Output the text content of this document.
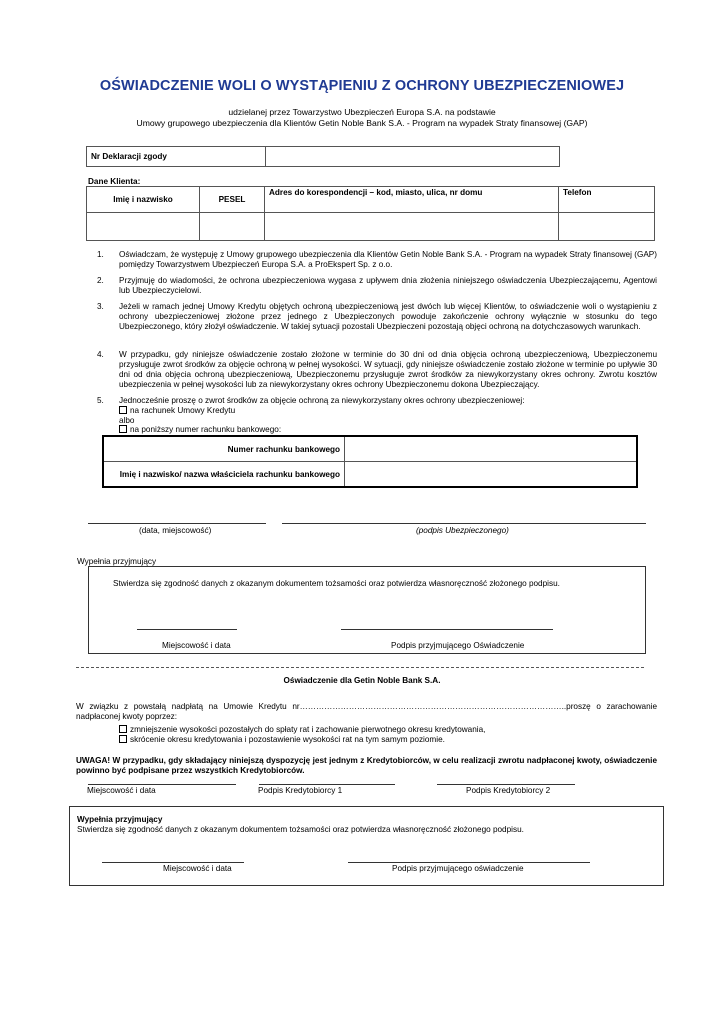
OŚWIADCZENIE WOLI O WYSTĄPIENIU Z OCHRONY UBEZPIECZENIOWEJ
udzielanej przez Towarzystwo Ubezpieczeń Europa S.A. na podstawie
Umowy grupowego ubezpieczenia dla Klientów Getin Noble Bank S.A. - Program na wypadek Straty finansowej (GAP)
Nr Deklaracji zgody	
Dane Klienta:
Imię i nazwisko	PESEL	Adres do korespondencji – kod, miasto, ulica, nr domu	Telefon

1. Oświadczam, że występuję z Umowy grupowego ubezpieczenia dla Klientów Getin Noble Bank S.A. - Program na wypadek Straty finansowej (GAP) pomiędzy Towarzystwem Ubezpieczeń Europa S.A. a ProEkspert Sp. z o.o.
2. Przyjmuję do wiadomości, że ochrona ubezpieczeniowa wygasa z upływem dnia złożenia niniejszego oświadczenia Ubezpieczającemu, Agentowi lub Ubezpieczycielowi.
3. Jeżeli w ramach jednej Umowy Kredytu objętych ochroną ubezpieczeniową jest dwóch lub więcej Klientów, to oświadczenie woli o wystąpieniu z ochrony ubezpieczeniowej złożone przez jednego z Ubezpieczonych powoduje zakończenie ochrony wyłącznie w stosunku do tego Ubezpieczonego, który złożył oświadczenie. W takiej sytuacji pozostali Ubezpieczeni pozostają objęci ochroną na dotychczasowych warunkach.
4. W przypadku, gdy niniejsze oświadczenie zostało złożone w terminie do 30 dni od dnia objęcia ochroną ubezpieczeniową, Ubezpieczonemu przysługuje zwrot środków za objęcie ochroną w pełnej wysokości. W sytuacji, gdy niniejsze oświadczenie zostało złożone w terminie po upływie 30 dni od dnia objęcia ochroną ubezpieczeniową, Ubezpieczonemu przysługuje zwrot środków za niewykorzystany okres ochrony. Zwrotu kosztów ubezpieczenia w pełnej wysokości lub za niewykorzystany okres ochrony Ubezpieczonemu dokona Ubezpieczający.
5. Jednocześnie proszę o zwrot środków za objęcie ochroną za niewykorzystany okres ochrony ubezpieczeniowej:
na rachunek Umowy Kredytu
albo
na poniższy numer rachunku bankowego:
Numer rachunku bankowego	
Imię i nazwisko/ nazwa właściciela rachunku bankowego	
(data, miejscowość)	(podpis Ubezpieczonego)
Wypełnia przyjmujący
Stwierdza się zgodność danych z okazanym dokumentem tożsamości oraz potwierdza własnoręczność złożonego podpisu.
Miejscowość i data	Podpis przyjmującego Oświadczenie
Oświadczenie dla Getin Noble Bank S.A.
W związku z powstałą nadpłatą na Umowie Kredytu nr……………………………………………………………………………………..proszę o zarachowanie nadpłaconej kwoty poprzez:
zmniejszenie wysokości pozostałych do spłaty rat i zachowanie pierwotnego okresu kredytowania,
skrócenie okresu kredytowania i pozostawienie wysokości rat na tym samym poziomie.
UWAGA! W przypadku, gdy składający niniejszą dyspozycję jest jednym z Kredytobiorców, w celu realizacji zwrotu nadpłaconej kwoty, oświadczenie powinno być podpisane przez wszystkich Kredytobiorców.
Miejscowość i data	Podpis Kredytobiorcy 1	Podpis Kredytobiorcy 2
Wypełnia przyjmujący
Stwierdza się zgodność danych z okazanym dokumentem tożsamości oraz potwierdza własnoręczność złożonego podpisu.
Miejscowość i data	Podpis przyjmującego oświadczenie
